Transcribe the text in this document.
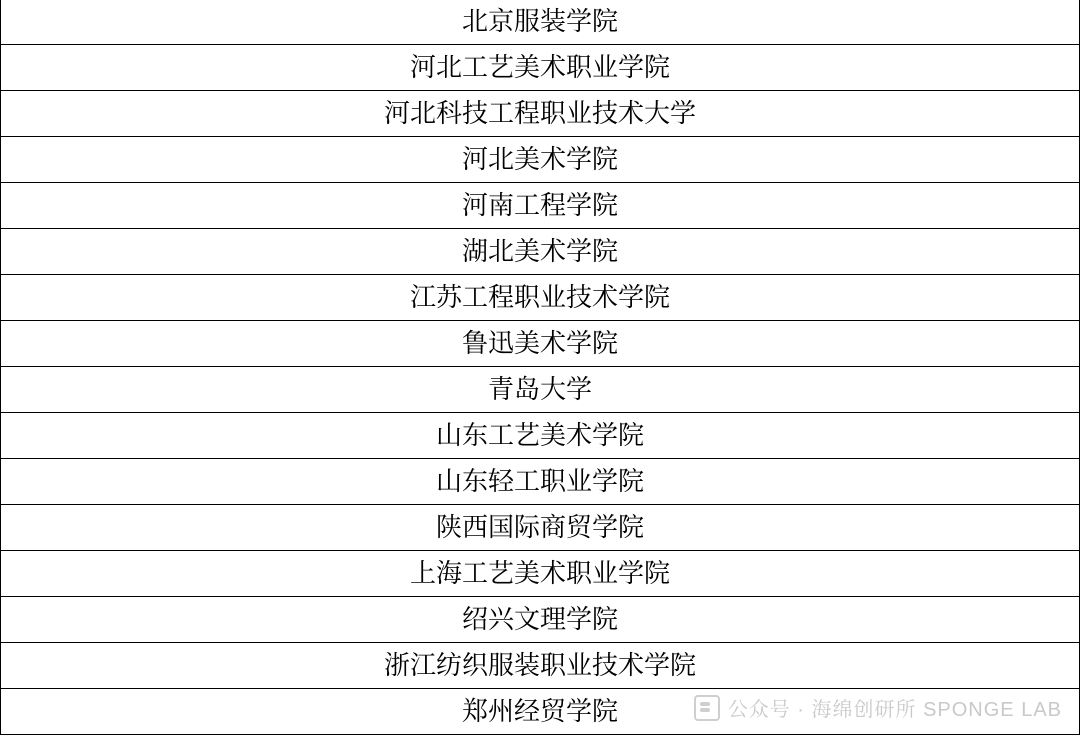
北京服装学院
河北工艺美术职业学院
河北科技工程职业技术大学
河北美术学院
河南工程学院
湖北美术学院
江苏工程职业技术学院
鲁迅美术学院
青岛大学
山东工艺美术学院
山东轻工职业学院
陕西国际商贸学院
上海工艺美术职业学院
绍兴文理学院
浙江纺织服装职业技术学院
郑州经贸学院	公众号 · 海绵创研所 SPONGE LAB
